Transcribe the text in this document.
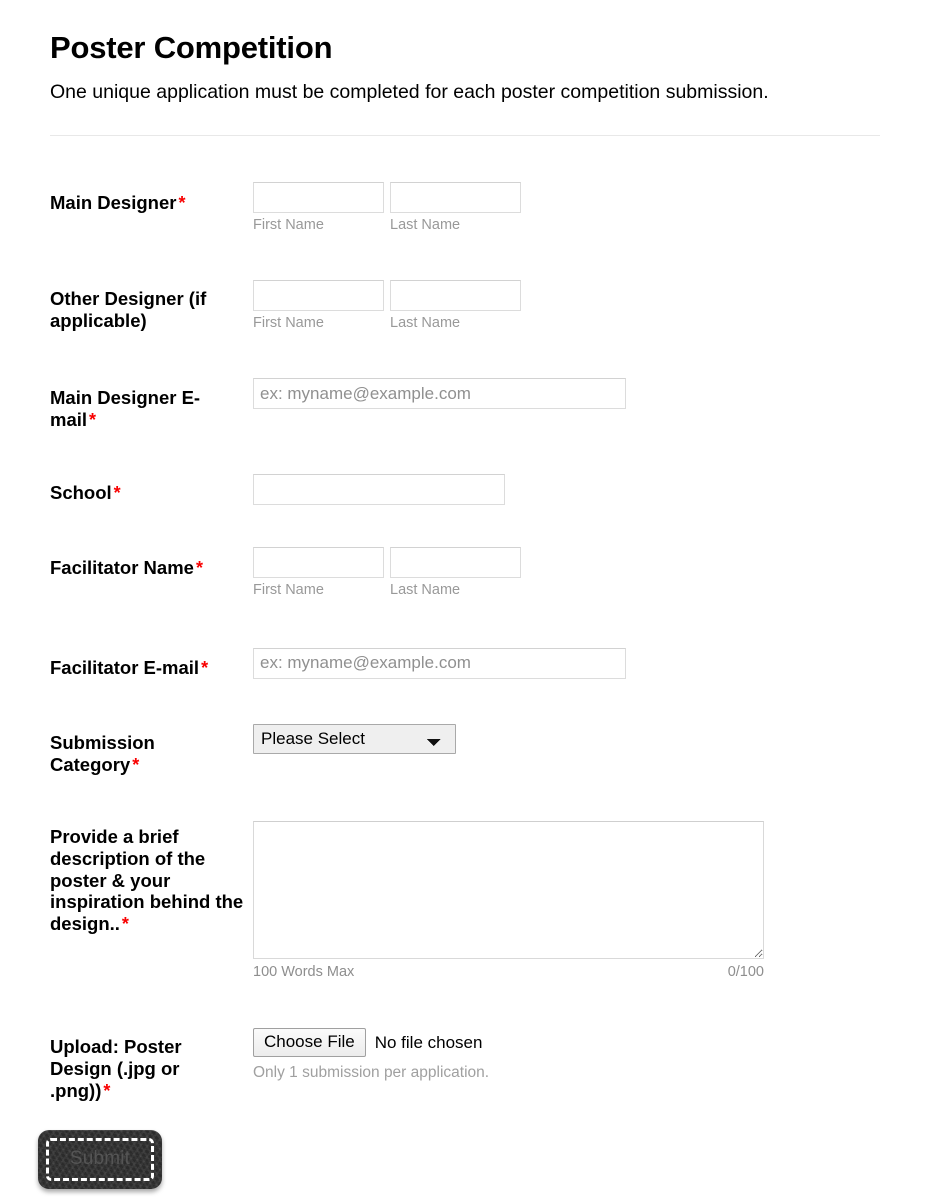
Poster Competition

One unique application must be completed for each poster competition submission.

Main Designer *
First Name	Last Name
Other Designer (if applicable)	First Name	Last Name
Main Designer E-mail *
ex: myname@example.com
School *
Facilitator Name *
First Name	Last Name
Facilitator E-mail *
ex: myname@example.com
Submission Category *
Please Select
Provide a brief description of the poster & your inspiration behind the design.. *
100 Words Max	0/100
Upload: Poster Design (.jpg or .png)) *
Choose File	No file chosen
Only 1 submission per application.
Submit
